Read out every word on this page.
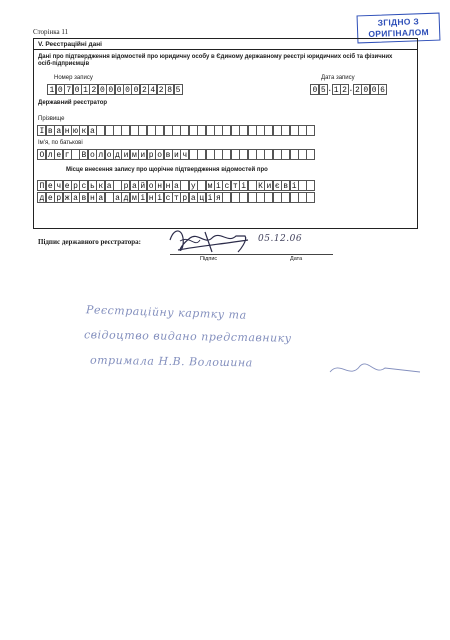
Сторінка 11
ЗГІДНО З
ОРИГІНАЛОМ
V. Реєстраційні дані
Дані про підтвердження відомостей про юридичну особу в Єдиному державному реєстрі юридичних осіб та фізичних осіб-підприємців
Номер запису
1 0 7 0 1 2 0 0 0 0 0 2 4 2 8 5
Дата запису
0 5 . 1 2 . 2 0 0 6
Державний реєстратор
Прізвище
І в а н ю к а
Ім'я, по батькові
О л е г В о л о д и м и р о в и ч
Місце внесення запису про щорічне підтвердження відомостей про
П е ч е р с ь к а р а й о н н а у м і с т і К и є в і
д е р ж а в н а а д м і н і с т р а ц і я
Підпис державного реєстратора:	05.12.06
Підпис	Дата
Реєстраційну картку та
свідоцтво видано представнику
отримала Н.В. Волошина
